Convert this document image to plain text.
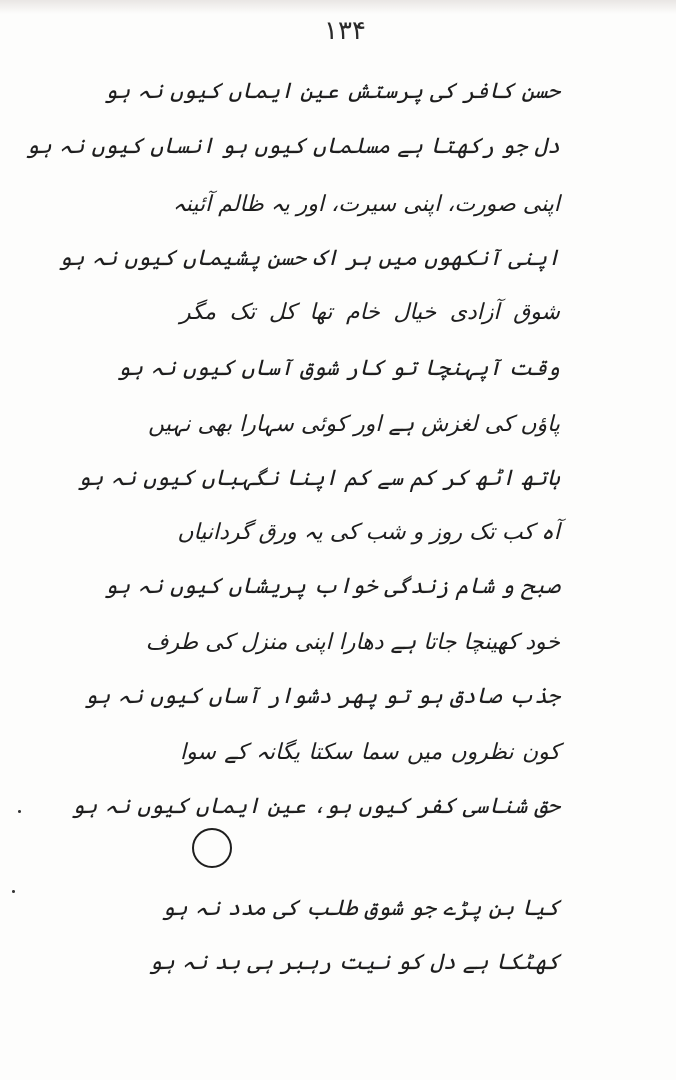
۱۳۴

حسن کافر کی پرستش عین ایماں کیوں نہ ہو

دل جو رکھتا ہے مسلماں کیوں ہو انساں کیوں نہ ہو

اپنی صورت، اپنی سیرت، اور یہ ظالم آئینہ

اپنی آنکھوں میں ہر اک حسن پشیماں کیوں نہ ہو

شوق آزادی خیال خام تھا کل تک مگر

وقت آپہنچا تو کار شوق آساں کیوں نہ ہو

پاؤں کی لغزش ہے اور کوئی سہارا بھی نہیں

ہاتھ اٹھ کر کم سے کم اپنا نگہباں کیوں نہ ہو

آہ کب تک روز و شب کی یہ ورق گردانیاں

صبح و شام زندگی خواب پریشاں کیوں نہ ہو

خود کھینچا جاتا ہے دھارا اپنی منزل کی طرف

جذب صادق ہو تو پھر دشوار آساں کیوں نہ ہو

کون نظروں میں سما سکتا یگانہ کے سوا

حق شناسی کفر کیوں ہو، عین ایماں کیوں نہ ہو

کیا بن پڑے جو شوق طلب کی مدد نہ ہو

کھٹکا ہے دل کو نیت رہبر ہی بد نہ ہو
